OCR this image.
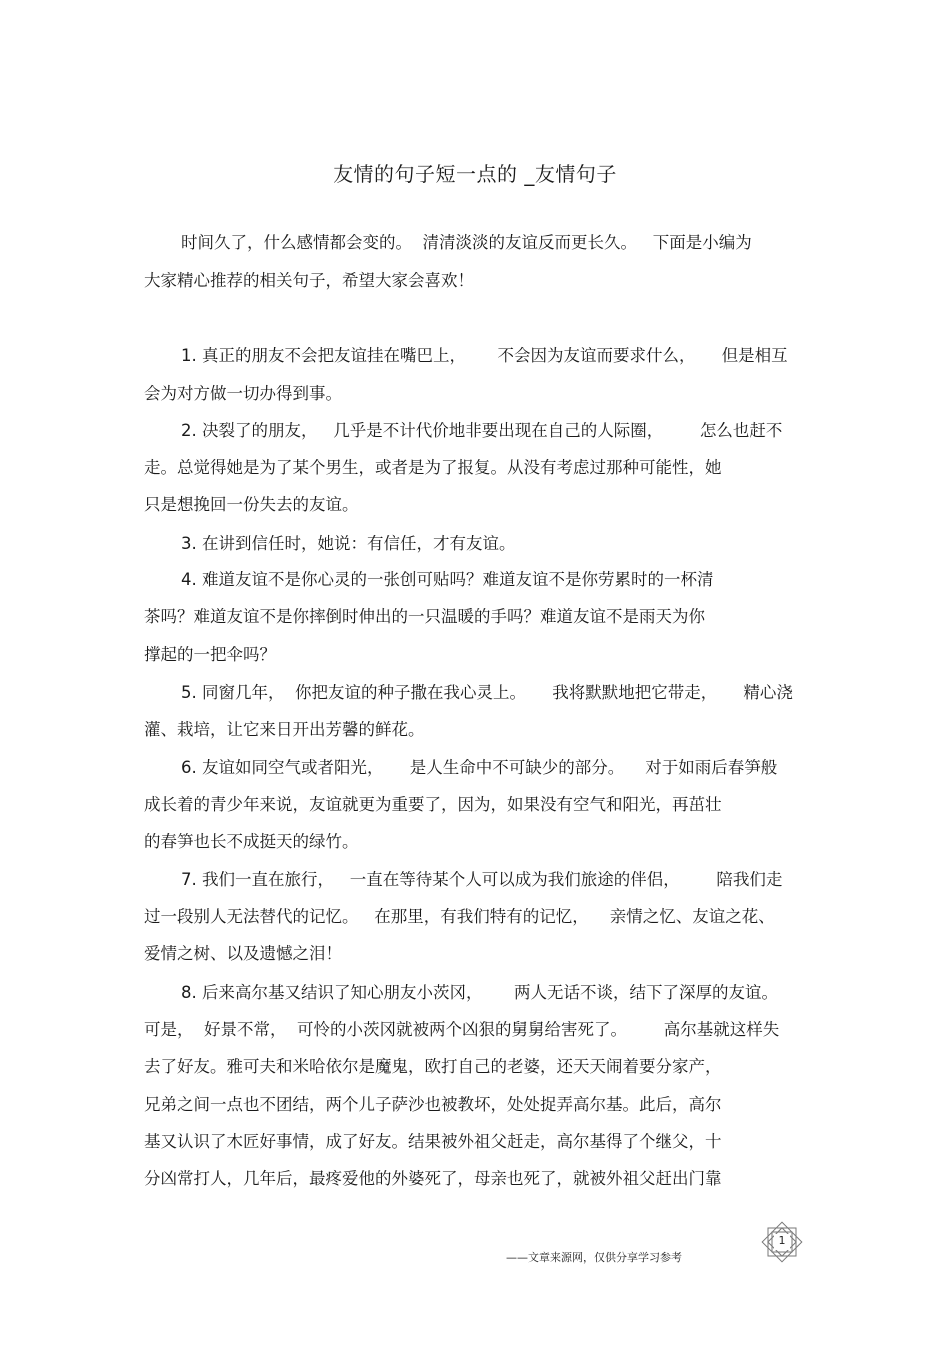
友情的句子短一点的 _友情句子
时间久了，什么感情都会变的。  清清淡淡的友谊反而更长久。   下面是小编为
大家精心推荐的相关句子，希望大家会喜欢！
1. 真正的朋友不会把友谊挂在嘴巴上，      不会因为友谊而要求什么，     但是相互
会为对方做一切办得到事。
2. 决裂了的朋友，   几乎是不计代价地非要出现在自己的人际圈，       怎么也赶不
走。总觉得她是为了某个男生，或者是为了报复。从没有考虑过那种可能性，她
只是想挽回一份失去的友谊。
3. 在讲到信任时，她说：有信任，才有友谊。
4. 难道友谊不是你心灵的一张创可贴吗？难道友谊不是你劳累时的一杯清
茶吗？难道友谊不是你摔倒时伸出的一只温暖的手吗？难道友谊不是雨天为你
撑起的一把伞吗？
5. 同窗几年，  你把友谊的种子撒在我心灵上。     我将默默地把它带走，     精心浇
灌、栽培，让它来日开出芳馨的鲜花。
6. 友谊如同空气或者阳光，     是人生命中不可缺少的部分。    对于如雨后春笋般
成长着的青少年来说，友谊就更为重要了，因为，如果没有空气和阳光，再茁壮
的春笋也长不成挺天的绿竹。
7. 我们一直在旅行，   一直在等待某个人可以成为我们旅途的伴侣，       陪我们走
过一段别人无法替代的记忆。   在那里，有我们特有的记忆，    亲情之忆、友谊之花、
爱情之树、以及遗憾之泪！
8. 后来高尔基又结识了知心朋友小茨冈，      两人无话不谈，结下了深厚的友谊。
可是，  好景不常，  可怜的小茨冈就被两个凶狠的舅舅给害死了。       高尔基就这样失
去了好友。雅可夫和米哈依尔是魔鬼，欧打自己的老婆，还天天闹着要分家产，
兄弟之间一点也不团结，两个儿子萨沙也被教坏，处处捉弄高尔基。此后，高尔
基又认识了木匠好事情，成了好友。结果被外祖父赶走，高尔基得了个继父，十
分凶常打人，几年后，最疼爱他的外婆死了，母亲也死了，就被外祖父赶出门靠
——文章来源网，仅供分享学习参考
1
